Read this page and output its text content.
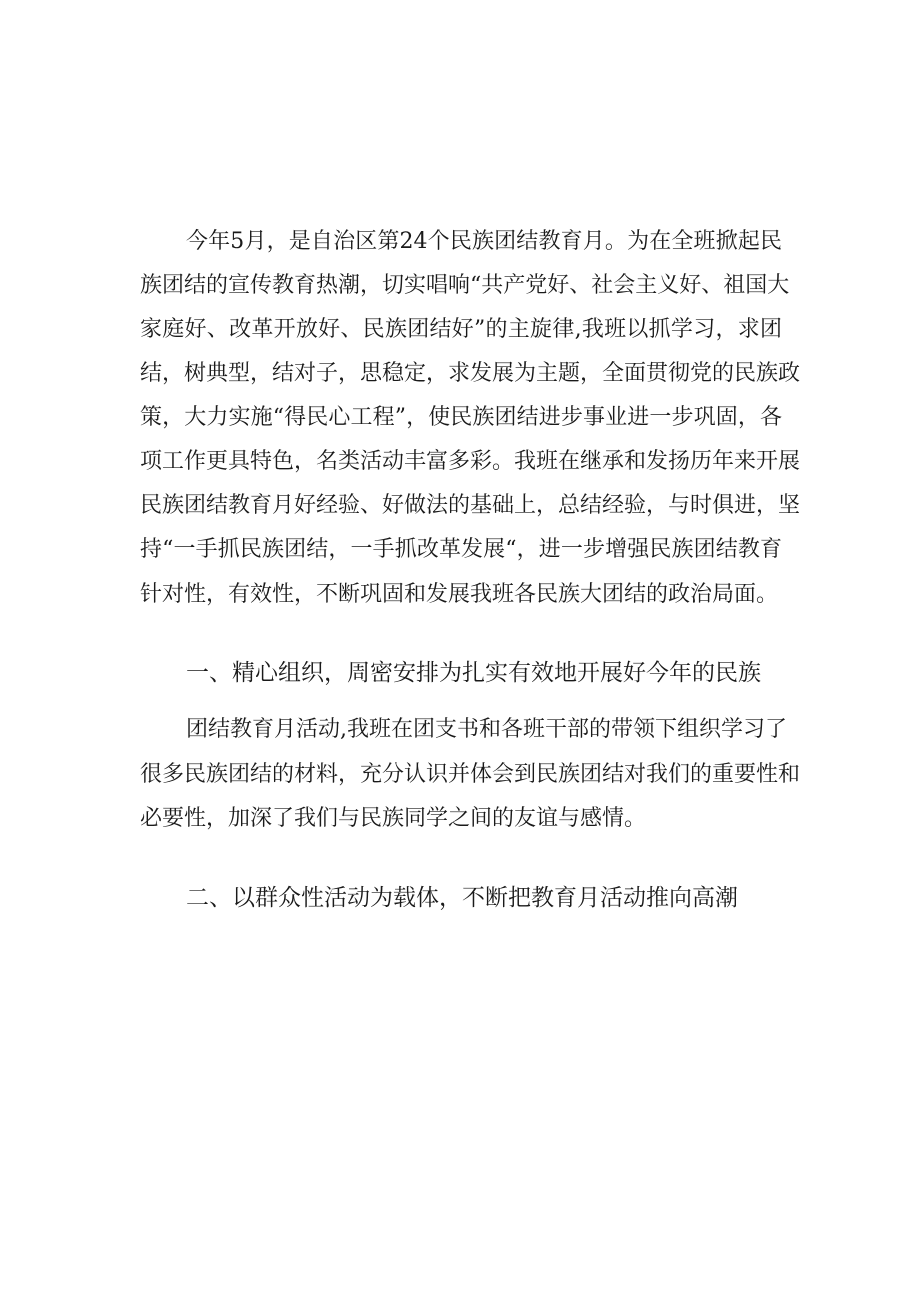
今年5月，是自治区第24个民族团结教育月。为在全班掀起民
族团结的宣传教育热潮，切实唱响“共产党好、社会主义好、祖国大
家庭好、改革开放好、民族团结好”的主旋律,我班以抓学习，求团
结，树典型，结对子，思稳定，求发展为主题，全面贯彻党的民族政
策，大力实施“得民心工程”，使民族团结进步事业进一步巩固，各
项工作更具特色，名类活动丰富多彩。我班在继承和发扬历年来开展
民族团结教育月好经验、好做法的基础上，总结经验，与时俱进，坚
持“一手抓民族团结，一手抓改革发展“，进一步增强民族团结教育
针对性，有效性，不断巩固和发展我班各民族大团结的政治局面。
一、精心组织，周密安排为扎实有效地开展好今年的民族
团结教育月活动,我班在团支书和各班干部的带领下组织学习了
很多民族团结的材料，充分认识并体会到民族团结对我们的重要性和
必要性，加深了我们与民族同学之间的友谊与感情。
二、以群众性活动为载体，不断把教育月活动推向高潮
